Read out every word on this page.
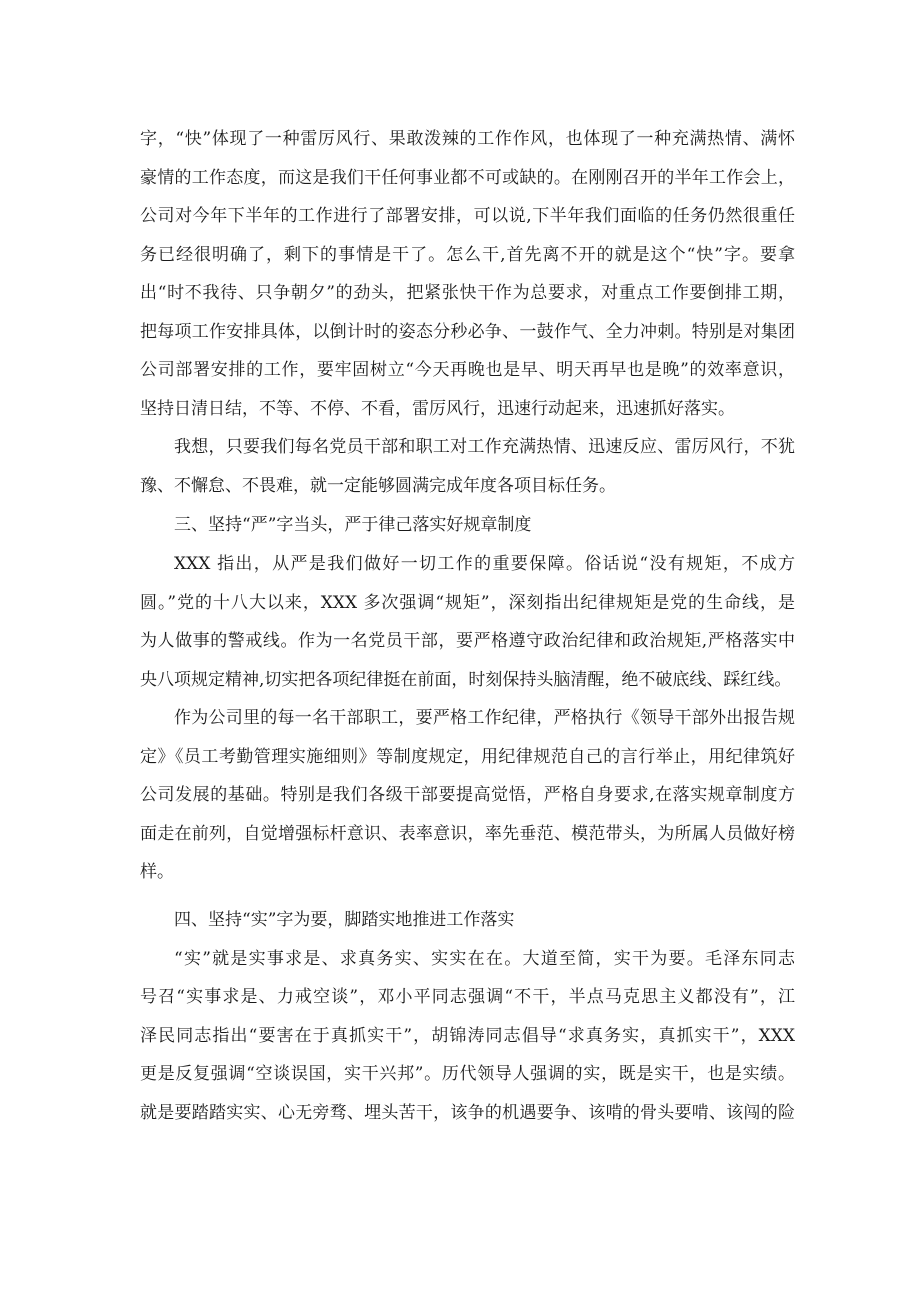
字，“快”体现了一种雷厉风行、果敢泼辣的工作作风，也体现了一种充满热情、满怀
豪情的工作态度，而这是我们干任何事业都不可或缺的。在刚刚召开的半年工作会上，
公司对今年下半年的工作进行了部署安排，可以说,下半年我们面临的任务仍然很重任
务已经很明确了，剩下的事情是干了。怎么干,首先离不开的就是这个“快”字。要拿
出“时不我待、只争朝夕”的劲头，把紧张快干作为总要求，对重点工作要倒排工期，
把每项工作安排具体，以倒计时的姿态分秒必争、一鼓作气、全力冲刺。特别是对集团
公司部署安排的工作，要牢固树立“今天再晚也是早、明天再早也是晚”的效率意识，
坚持日清日结，不等、不停、不看，雷厉风行，迅速行动起来，迅速抓好落实。
我想，只要我们每名党员干部和职工对工作充满热情、迅速反应、雷厉风行，不犹
豫、不懈怠、不畏难，就一定能够圆满完成年度各项目标任务。
三、坚持“严”字当头，严于律己落实好规章制度
XXX 指出，从严是我们做好一切工作的重要保障。俗话说“没有规矩，不成方
圆。”党的十八大以来，XXX 多次强调“规矩”，深刻指出纪律规矩是党的生命线，是
为人做事的警戒线。作为一名党员干部，要严格遵守政治纪律和政治规矩,严格落实中
央八项规定精神,切实把各项纪律挺在前面，时刻保持头脑清醒，绝不破底线、踩红线。
作为公司里的每一名干部职工，要严格工作纪律，严格执行《领导干部外出报告规
定》《员工考勤管理实施细则》等制度规定，用纪律规范自己的言行举止，用纪律筑好
公司发展的基础。特别是我们各级干部要提高觉悟，严格自身要求,在落实规章制度方
面走在前列，自觉增强标杆意识、表率意识，率先垂范、模范带头，为所属人员做好榜
样。
四、坚持“实”字为要，脚踏实地推进工作落实
“实”就是实事求是、求真务实、实实在在。大道至简，实干为要。毛泽东同志
号召“实事求是、力戒空谈”，邓小平同志强调“不干，半点马克思主义都没有”，江
泽民同志指出“要害在于真抓实干”，胡锦涛同志倡导“求真务实，真抓实干”，XXX
更是反复强调“空谈误国，实干兴邦”。历代领导人强调的实，既是实干，也是实绩。
就是要踏踏实实、心无旁骛、埋头苦干，该争的机遇要争、该啃的骨头要啃、该闯的险
